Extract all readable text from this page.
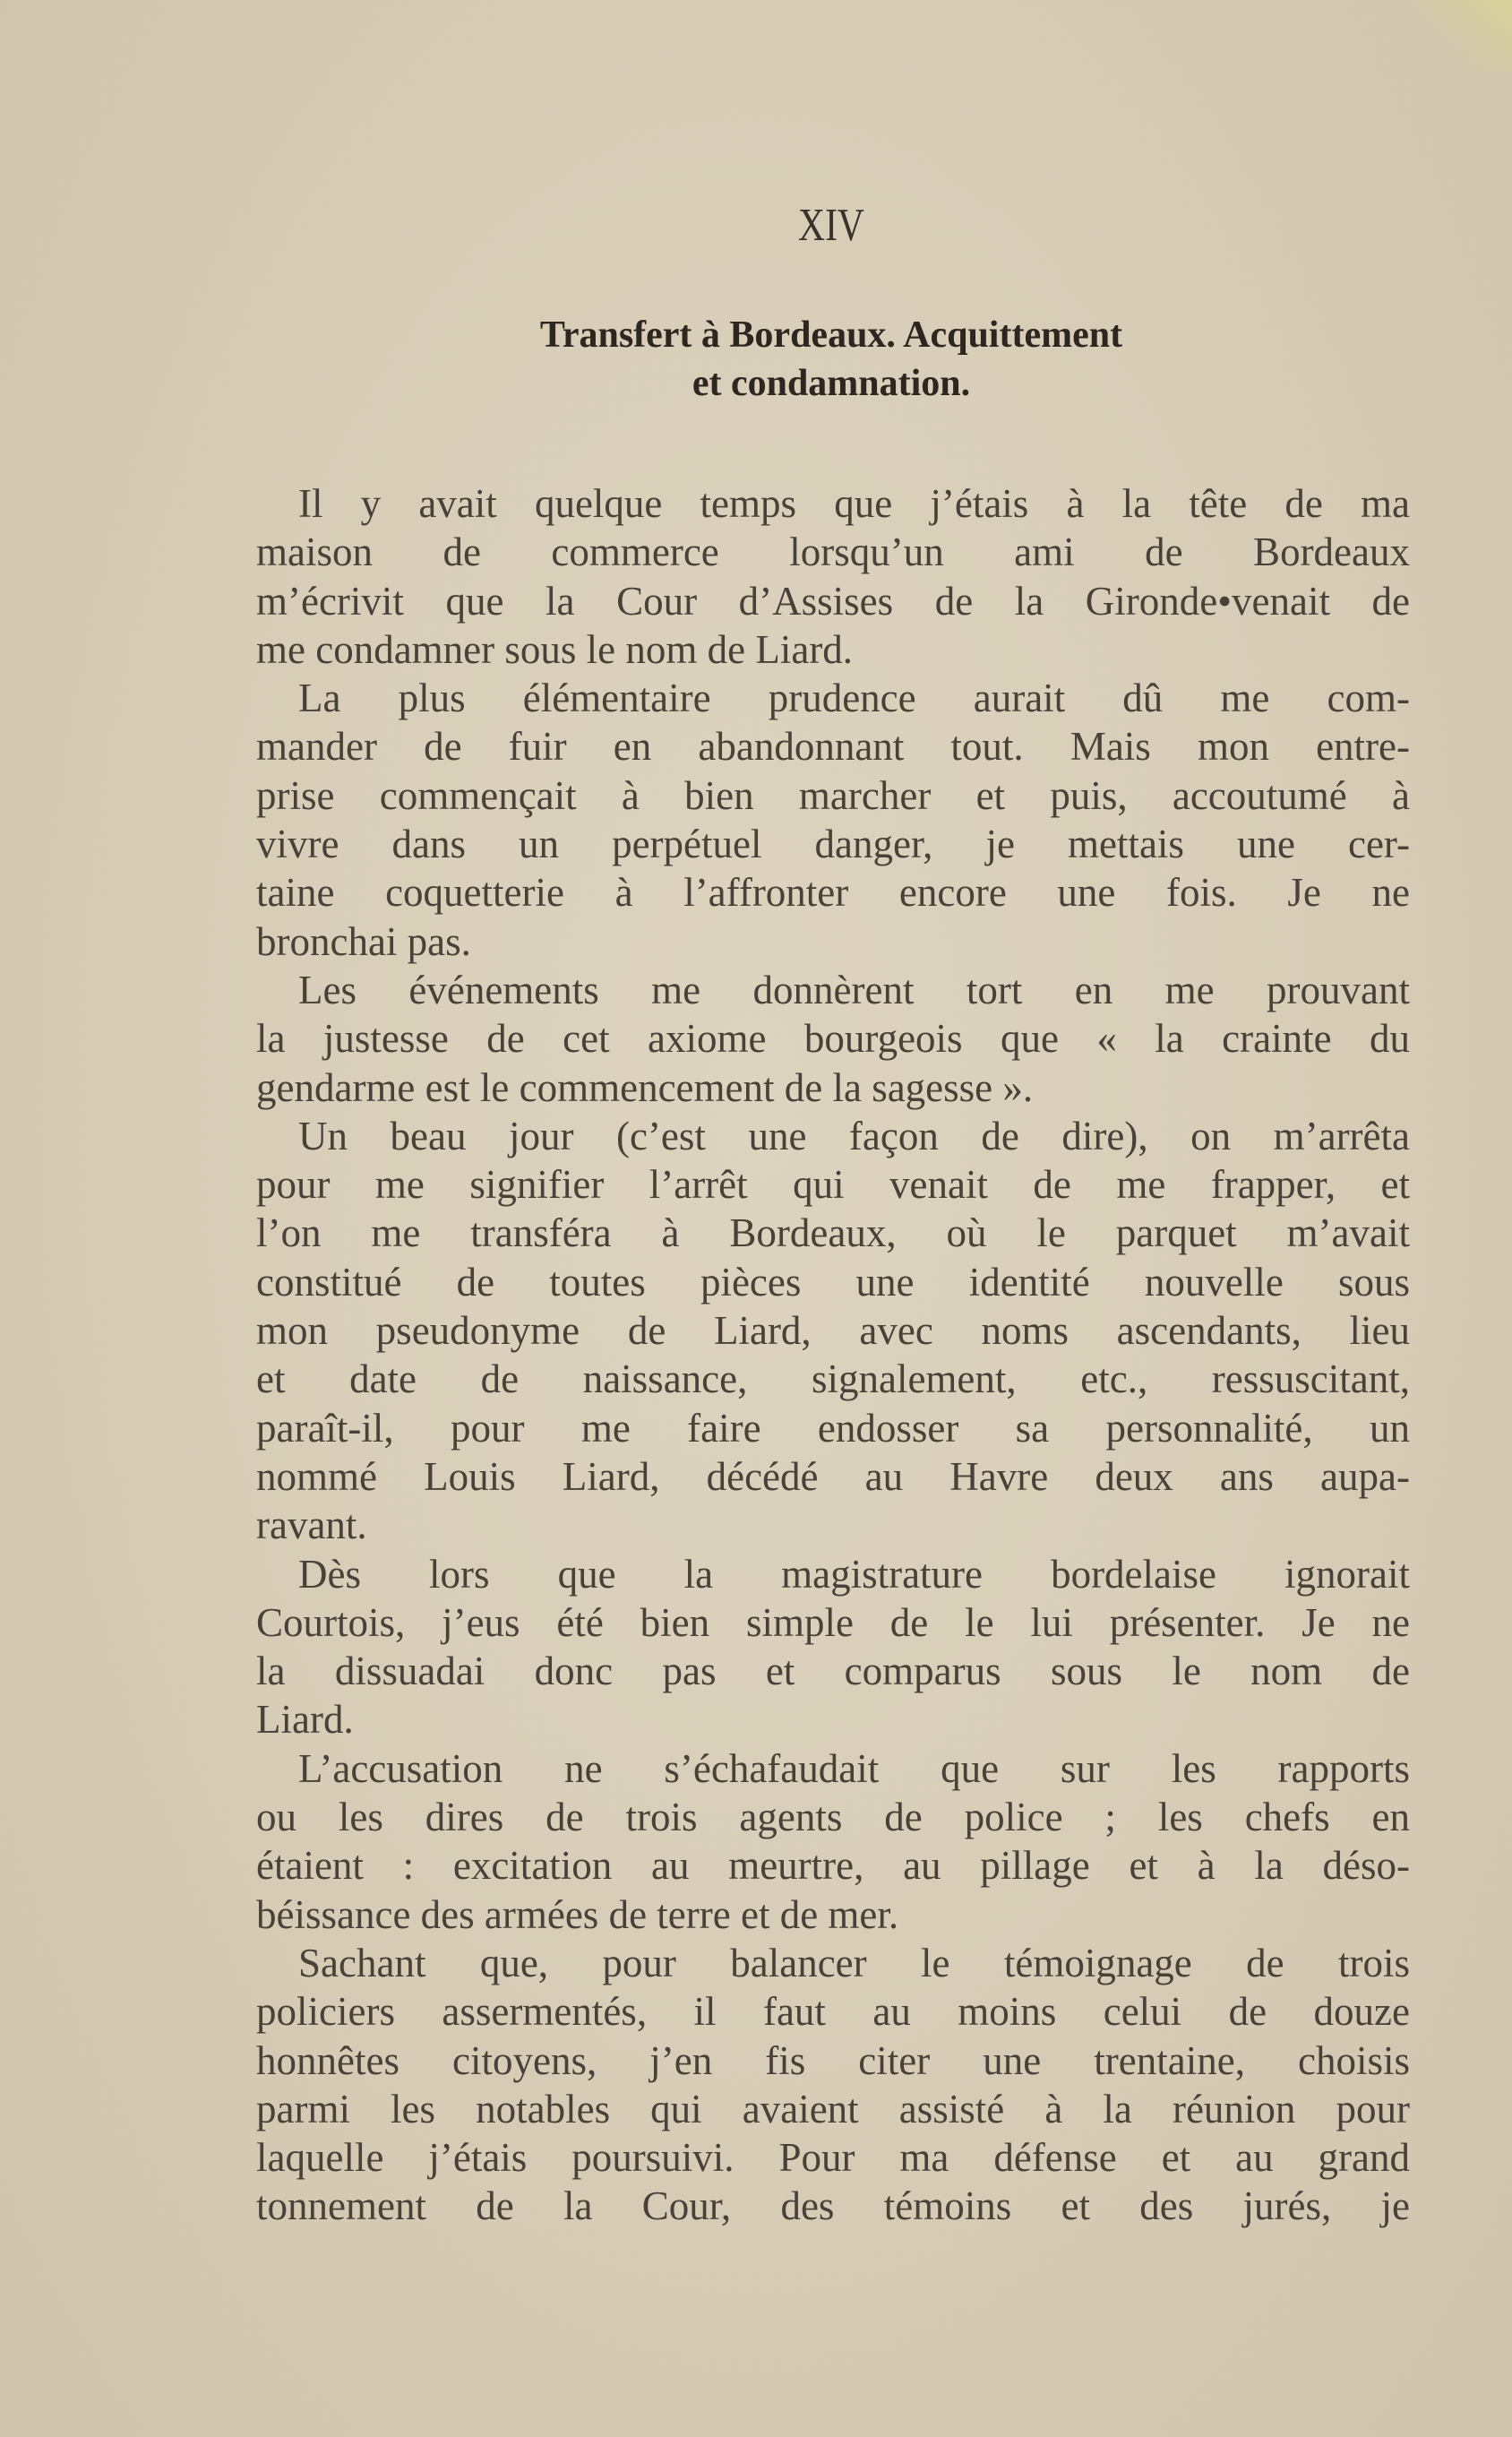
XIV
Transfert à Bordeaux. Acquittement
et condamnation.
Il y avait quelque temps que j’étais à la tête de ma
maison de commerce lorsqu’un ami de Bordeaux
m’écrivit que la Cour d’Assises de la Gironde•venait de
me condamner sous le nom de Liard.
La plus élémentaire prudence aurait dû me com-
mander de fuir en abandonnant tout. Mais mon entre-
prise commençait à bien marcher et puis, accoutumé à
vivre dans un perpétuel danger, je mettais une cer-
taine coquetterie à l’affronter encore une fois. Je ne
bronchai pas.
Les événements me donnèrent tort en me prouvant
la justesse de cet axiome bourgeois que « la crainte du
gendarme est le commencement de la sagesse ».
Un beau jour (c’est une façon de dire), on m’arrêta
pour me signifier l’arrêt qui venait de me frapper, et
l’on me transféra à Bordeaux, où le parquet m’avait
constitué de toutes pièces une identité nouvelle sous
mon pseudonyme de Liard, avec noms ascendants, lieu
et date de naissance, signalement, etc., ressuscitant,
paraît-il, pour me faire endosser sa personnalité, un
nommé Louis Liard, décédé au Havre deux ans aupa-
ravant.
Dès lors que la magistrature bordelaise ignorait
Courtois, j’eus été bien simple de le lui présenter. Je ne
la dissuadai donc pas et comparus sous le nom de
Liard.
L’accusation ne s’échafaudait que sur les rapports
ou les dires de trois agents de police ; les chefs en
étaient : excitation au meurtre, au pillage et à la déso-
béissance des armées de terre et de mer.
Sachant que, pour balancer le témoignage de trois
policiers assermentés, il faut au moins celui de douze
honnêtes citoyens, j’en fis citer une trentaine, choisis
parmi les notables qui avaient assisté à la réunion pour
laquelle j’étais poursuivi. Pour ma défense et au grand
tonnement de la Cour, des témoins et des jurés, je
